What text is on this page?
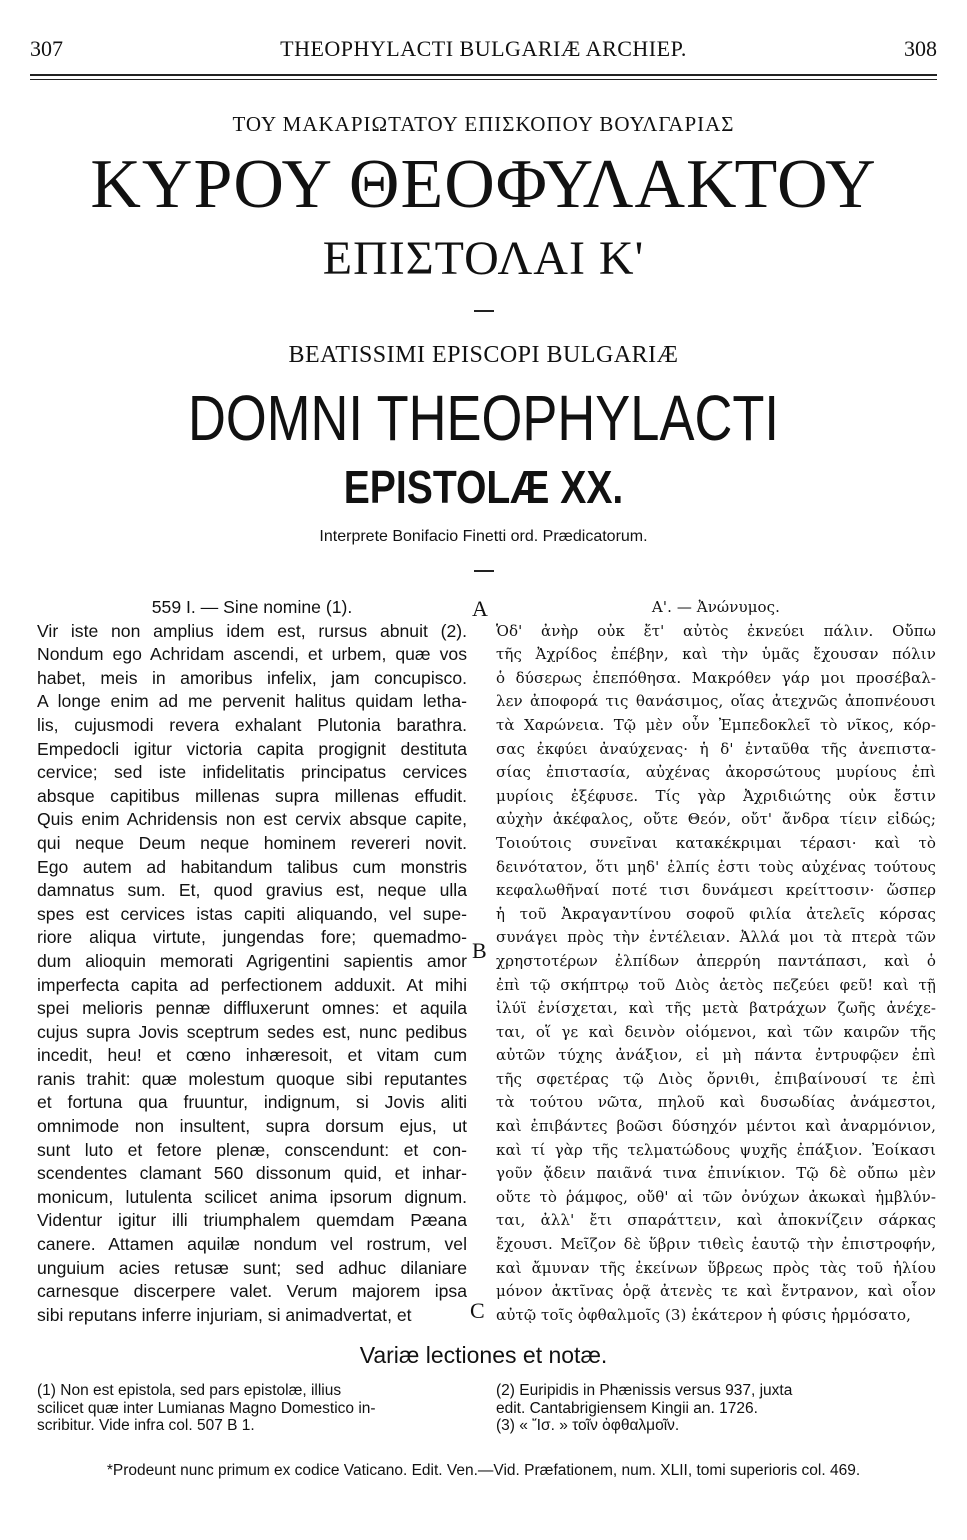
307	THEOPHYLACTI BULGARIÆ ARCHIEP.	308
ΤΟΥ ΜΑΚΑΡΙΩΤΑΤΟΥ ΕΠΙΣΚΟΠΟΥ ΒΟΥΛΓΑΡΙΑΣ
ΚΥΡΟΥ ΘΕΟΦΥΛΑΚΤΟΥ
ΕΠΙΣΤΟΛΑΙ Κ'
BEATISSIMI EPISCOPI BULGARIÆ
DOMNI THEOPHYLACTI
EPISTOLÆ XX.
Interprete Bonifacio Finetti ord. Prædicatorum.
A
B
C
559 I. — Sine nomine (1).
Vir iste non amplius idem est, rursus abnuit (2).
Nondum ego Achridam ascendi, et urbem, quæ vos
habet, meis in amoribus infelix, jam concupisco.
A longe enim ad me pervenit halitus quidam letha-
lis, cujusmodi revera exhalant Plutonia barathra.
Empedocli igitur victoria capita progignit destituta
cervice; sed iste infidelitatis principatus cervices
absque capitibus millenas supra millenas effudit.
Quis enim Achridensis non est cervix absque capite,
qui neque Deum neque hominem revereri novit.
Ego autem ad habitandum talibus cum monstris
damnatus sum. Et, quod gravius est, neque ulla
spes est cervices istas capiti aliquando, vel supe-
riore aliqua virtute, jungendas fore; quemadmo-
dum alioquin memorati Agrigentini sapientis amor
imperfecta capita ad perfectionem adduxit. At mihi
spei melioris pennæ diffluxerunt omnes: et aquila
cujus supra Jovis sceptrum sedes est, nunc pedibus
incedit, heu! et cœno inhæresoit, et vitam cum
ranis trahit: quæ molestum quoque sibi reputantes
et fortuna qua fruuntur, indignum, si Jovis aliti
omnimode non insultent, supra dorsum ejus, ut
sunt luto et fetore plenæ, conscendunt: et con-
scendentes clamant 560 dissonum quid, et inhar-
monicum, lutulenta scilicet anima ipsorum dignum.
Videntur igitur illi triumphalem quemdam Pæana
canere. Attamen aquilæ nondum vel rostrum, vel
unguium acies retusæ sunt; sed adhuc dilaniare
carnesque discerpere valet. Verum majorem ipsa
sibi reputans inferre injuriam, si animadvertat, et
Α'. — Ἀνώνυμος.
Ὁδ' ἀνὴρ οὐκ ἔτ' αὐτὸς ἐκνεύει πάλιν. Οὔπω
τῆς Ἀχρίδος ἐπέβην, καὶ τὴν ὑμᾶς ἔχουσαν πόλιν
ὁ δύσερως ἐπεπόθησα. Μακρόθεν γάρ μοι προσέβαλ-
λεν ἀποφορά τις θανάσιμος, οἵας ἀτεχνῶς ἀποπνέουσι
τὰ Χαρώνεια. Τῷ μὲν οὖν Ἐμπεδοκλεῖ τὸ νῖκος, κόρ-
σας ἐκφύει ἀναύχενας· ἡ δ' ἐνταῦθα τῆς ἀνεπιστα-
σίας ἐπιστασία, αὐχένας ἀκορσώτους μυρίους ἐπὶ
μυρίοις ἐξέφυσε. Τίς γὰρ Ἀχριδιώτης οὐκ ἔστιν
αὐχὴν ἀκέφαλος, οὔτε Θεόν, οὔτ' ἄνδρα τίειν εἰδώς;
Τοιούτοις συνεῖναι κατακέκριμαι τέρασι· καὶ τὸ
δεινότατον, ὅτι μηδ' ἐλπίς ἐστι τοὺς αὐχένας τούτους
κεφαλωθῆναί ποτέ τισι δυνάμεσι κρείττοσιν· ὥσπερ
ἡ τοῦ Ἀκραγαντίνου σοφοῦ φιλία ἀτελεῖς κόρσας
συνάγει πρὸς τὴν ἐντέλειαν. Ἀλλά μοι τὰ πτερὰ τῶν
χρηστοτέρων ἐλπίδων ἀπερρύη παντάπασι, καὶ ὁ
ἐπὶ τῷ σκήπτρῳ τοῦ Διὸς ἀετὸς πεζεύει φεῦ! καὶ τῇ
ἰλύϊ ἐνίσχεται, καὶ τῆς μετὰ βατράχων ζωῆς ἀνέχε-
ται, οἵ γε καὶ δεινὸν οἰόμενοι, καὶ τῶν καιρῶν τῆς
αὐτῶν τύχης ἀνάξιον, εἰ μὴ πάντα ἐντρυφῷεν ἐπὶ
τῆς σφετέρας τῷ Διὸς ὄρνιθι, ἐπιβαίνουσί τε ἐπὶ
τὰ τούτου νῶτα, πηλοῦ καὶ δυσωδίας ἀνάμεστοι,
καὶ ἐπιβάντες βοῶσι δύσηχόν μέντοι καὶ ἀναρμόνιον,
καὶ τί γὰρ τῆς τελματώδους ψυχῆς ἐπάξιον. Ἐοίκασι
γοῦν ᾄδειν παιᾶνά τινα ἐπινίκιον. Τῷ δὲ οὔπω μὲν
οὔτε τὸ ῥάμφος, οὔθ' αἱ τῶν ὀνύχων ἀκωκαὶ ἠμβλύν-
ται, ἀλλ' ἔτι σπαράττειν, καὶ ἀποκνίζειν σάρκας
ἔχουσι. Μεῖζον δὲ ὕβριν τιθεὶς ἑαυτῷ τὴν ἐπιστροφήν,
καὶ ἄμυναν τῆς ἐκείνων ὕβρεως πρὸς τὰς τοῦ ἡλίου
μόνον ἀκτῖνας ὁρᾷ ἀτενὲς τε καὶ ἔντρανον, καὶ οἷον
αὐτῷ τοῖς ὀφθαλμοῖς (3) ἑκάτερον ἡ φύσις ἡρμόσατο,
Variæ lectiones et notæ.
(1) Non est epistola, sed pars epistolæ, illius
scilicet quæ inter Lumianas Magno Domestico in-
scribitur. Vide infra col. 507 B 1.
(2) Euripidis in Phænissis versus 937, juxta
edit. Cantabrigiensem Kingii an. 1726.
(3) « Ἴσ. » τοῖν ὀφθαλμοῖν.
*Prodeunt nunc primum ex codice Vaticano. Edit. Ven.—Vid. Præfationem, num. XLII, tomi superioris col. 469.
